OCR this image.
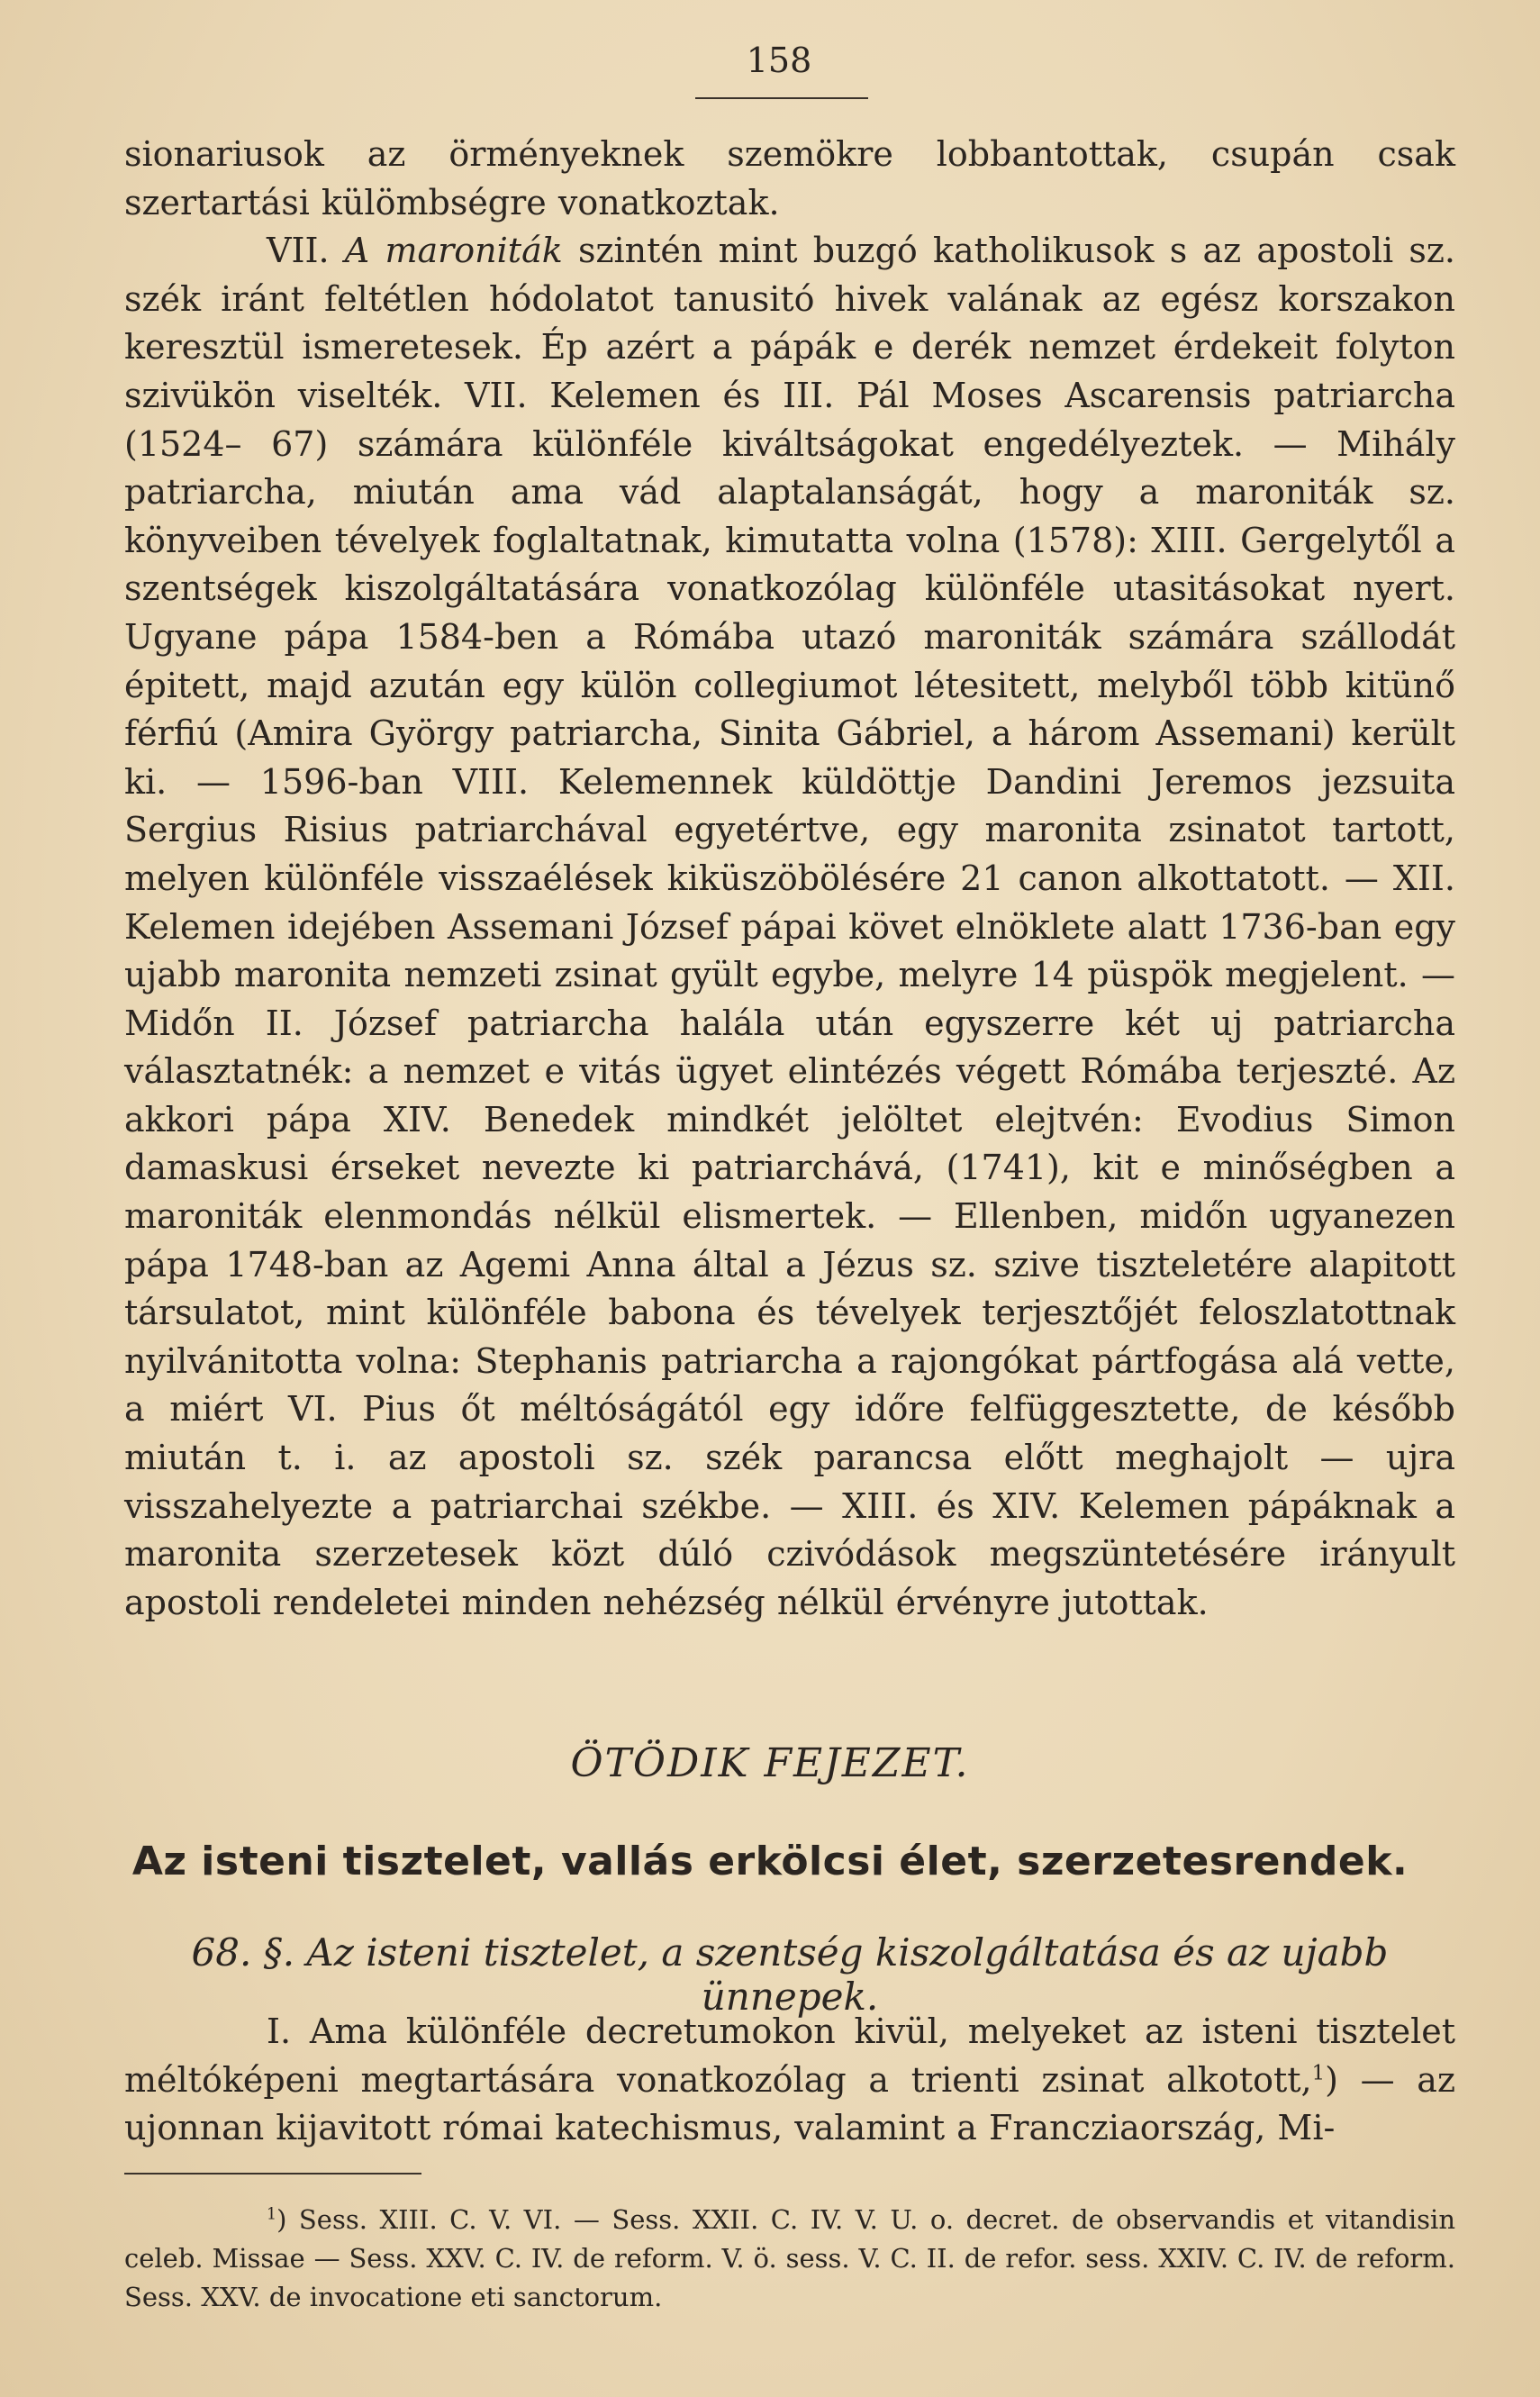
158

sionariusok az örményeknek szemökre lobbantottak, csupán csak szertartási külömbségre vonatkoztak.

VII. A maroniták szintén mint buzgó katholikusok s az apostoli sz. szék iránt feltétlen hódolatot tanusitó hivek valának az egész korszakon keresztül ismeretesek. Ép azért a pápák e derék nemzet érdekeit folyton szivükön viselték. VII. Kelemen és III. Pál Moses Ascarensis patriarcha (1524– 67) számára különféle kiváltságokat engedélyeztek. — Mihály patriarcha, miután ama vád alaptalanságát, hogy a maroniták sz. könyveiben tévelyek foglaltatnak, kimutatta volna (1578): XIII. Gergelytől a szentségek kiszolgáltatására vonatkozólag különféle utasitásokat nyert. Ugyane pápa 1584-ben a Rómába utazó maroniták számára szállodát épitett, majd azután egy külön collegiumot létesitett, melyből több kitünő férfiú (Amira György patriarcha, Sinita Gábriel, a három Assemani) került ki. — 1596-ban VIII. Kelemennek küldöttje Dandini Jeremos jezsuita Sergius Risius patriarchával egyetértve, egy maronita zsinatot tartott, melyen különféle visszaélések kiküszöbölésére 21 canon alkottatott. — XII. Kelemen idejében Assemani József pápai követ elnöklete alatt 1736-ban egy ujabb maronita nemzeti zsinat gyült egybe, melyre 14 püspök megjelent. — Midőn II. József patriarcha halála után egyszerre két uj patriarcha választatnék: a nemzet e vitás ügyet elintézés végett Rómába terjeszté. Az akkori pápa XIV. Benedek mindkét jelöltet elejtvén: Evodius Simon damaskusi érseket nevezte ki patriarchává, (1741), kit e minőségben a maroniták elenmondás nélkül elismertek. — Ellenben, midőn ugyanezen pápa 1748-ban az Agemi Anna által a Jézus sz. szive tiszteletére alapitott társulatot, mint különféle babona és tévelyek terjesztőjét feloszlatottnak nyilvánitotta volna: Stephanis patriarcha a rajongókat pártfogása alá vette, a miért VI. Pius őt méltóságától egy időre felfüggesztette, de később miután t. i. az apostoli sz. szék parancsa előtt meghajolt — ujra visszahelyezte a patriarchai székbe. — XIII. és XIV. Kelemen pápáknak a maronita szerzetesek közt dúló czivódások megszüntetésére irányult apostoli rendeletei minden nehézség nélkül érvényre jutottak.

ÖTÖDIK FEJEZET.
Az isteni tisztelet, vallás erkölcsi élet, szerzetesrendek.
68. §. Az isteni tisztelet, a szentség kiszolgáltatása és az ujabb ünnepek.

I. Ama különféle decretumokon kivül, melyeket az isteni tisztelet méltóképeni megtartására vonatkozólag a trienti zsinat alkotott,$^1$) — az ujonnan kijavitott római katechismus, valamint a Francziaország, Mi-

$^1$) Sess. XIII. C. V. VI. — Sess. XXII. C. IV. V. U. o. decret. de observandis et vitandisin celeb. Missae — Sess. XXV. C. IV. de reform. V. ö. sess. V. C. II. de refor. sess. XXIV. C. IV. de reform. Sess. XXV. de invocatione eti sanctorum.
